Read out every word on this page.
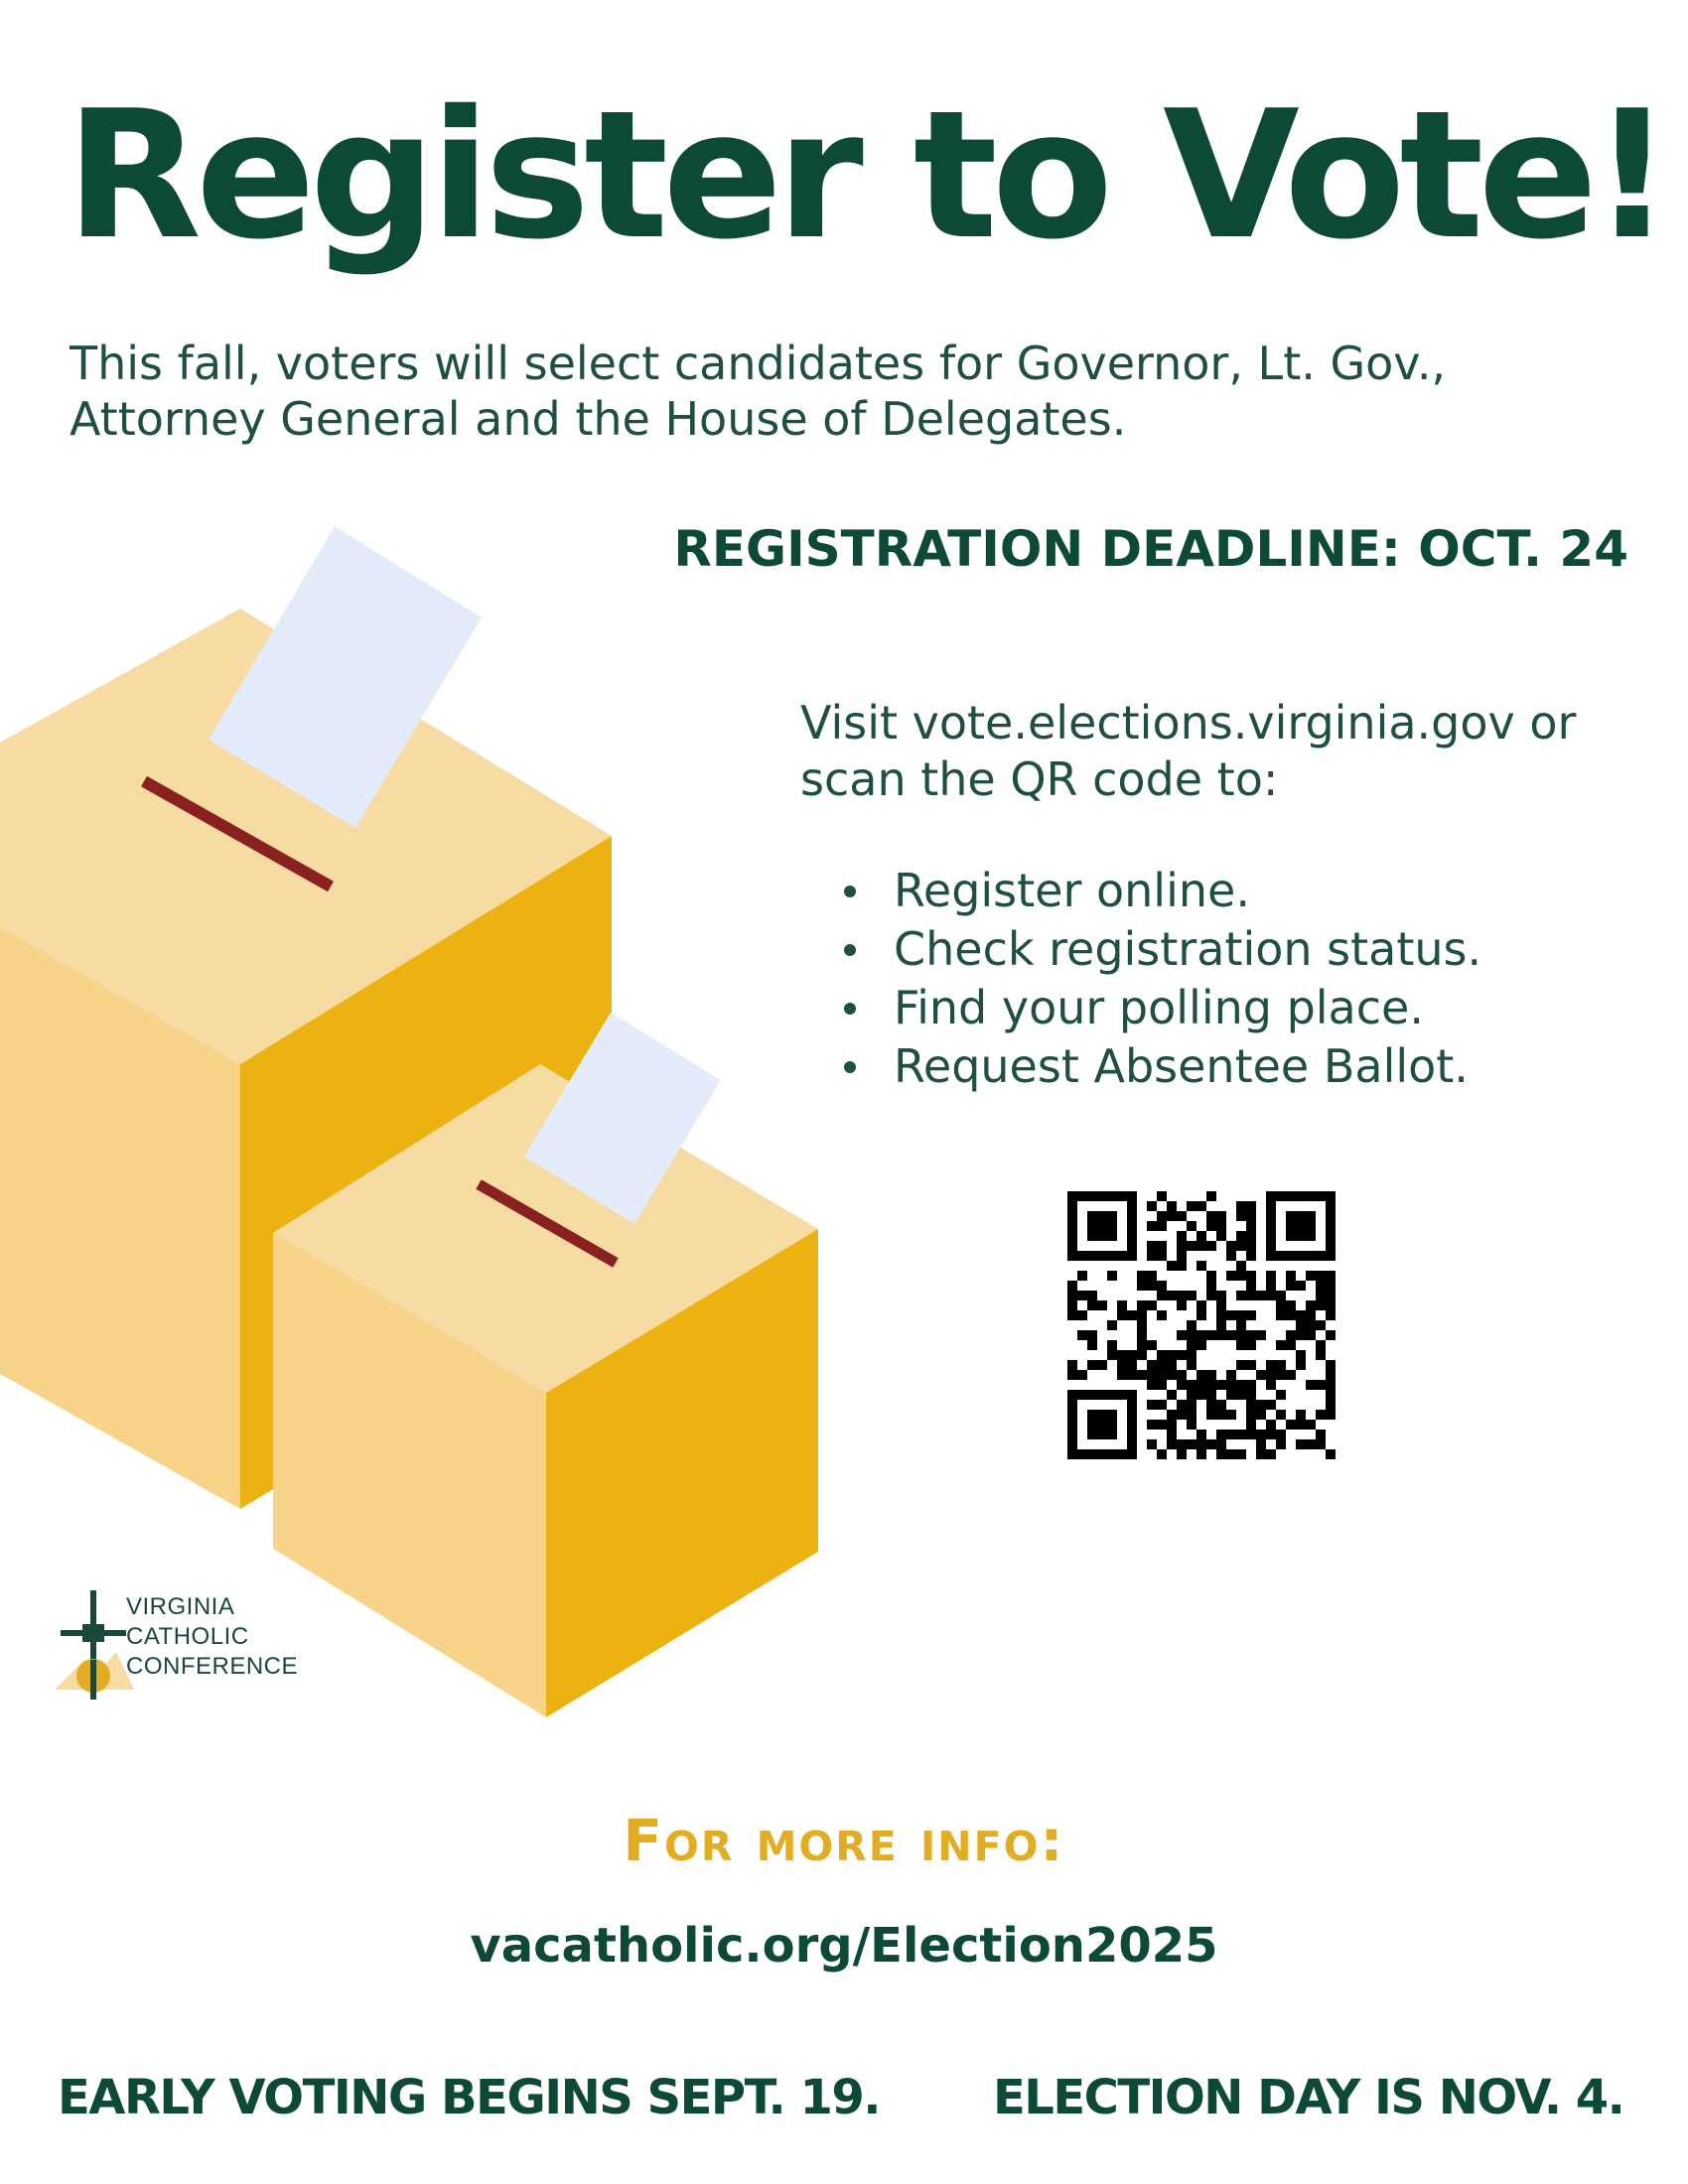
Register to Vote!
This fall, voters will select candidates for Governor, Lt. Gov., Attorney General and the House of Delegates.
REGISTRATION DEADLINE: OCT. 24
Visit vote.elections.virginia.gov or scan the QR code to:
Register online.
Check registration status.
Find your polling place.
Request Absentee Ballot.
VIRGINIA
CATHOLIC
CONFERENCE
For more info:
vacatholic.org/Election2025
EARLY VOTING BEGINS SEPT. 19. ELECTION DAY IS NOV. 4.
